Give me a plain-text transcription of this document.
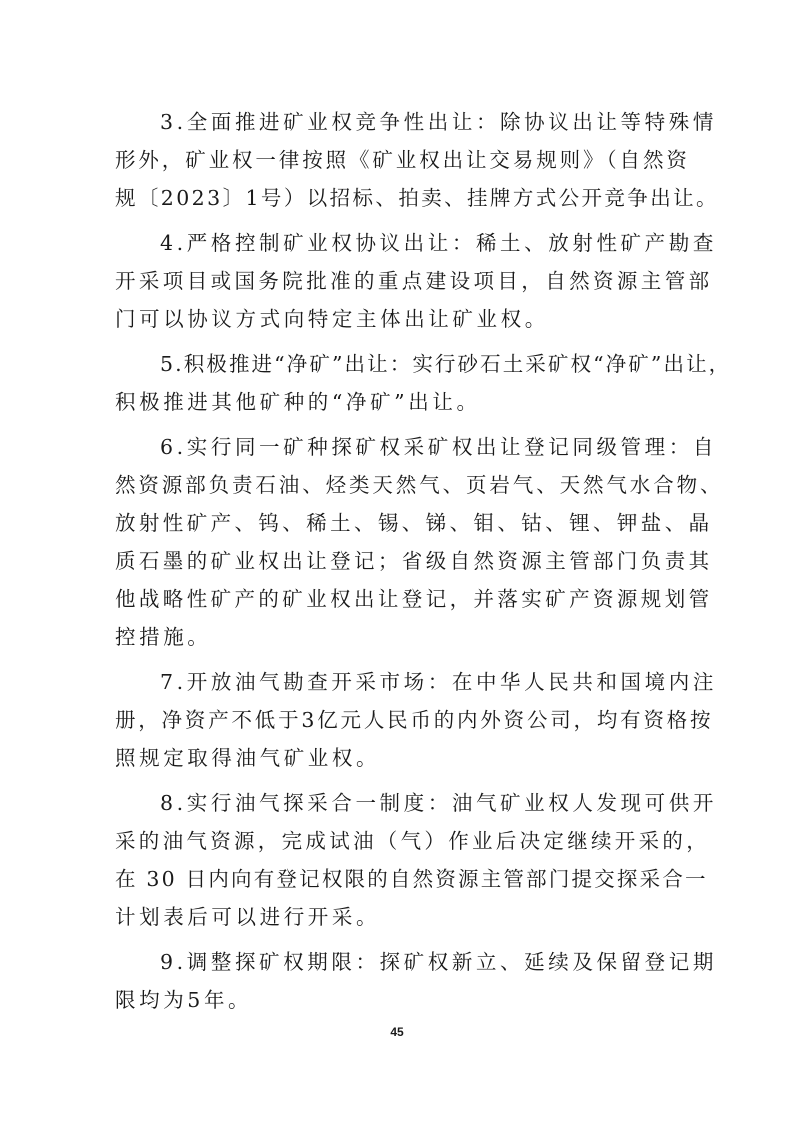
3.全面推进矿业权竞争性出让：除协议出让等特殊情
形外，矿业权一律按照《矿业权出让交易规则》（自然资
规〔2023〕1号）以招标、拍卖、挂牌方式公开竞争出让。
4.严格控制矿业权协议出让：稀土、放射性矿产勘查
开采项目或国务院批准的重点建设项目，自然资源主管部
门可以协议方式向特定主体出让矿业权。
5.积极推进“净矿”出让：实行砂石土采矿权“净矿”出让，
积极推进其他矿种的“净矿”出让。
6.实行同一矿种探矿权采矿权出让登记同级管理：自
然资源部负责石油、烃类天然气、页岩气、天然气水合物、
放射性矿产、钨、稀土、锡、锑、钼、钴、锂、钾盐、晶
质石墨的矿业权出让登记；省级自然资源主管部门负责其
他战略性矿产的矿业权出让登记，并落实矿产资源规划管
控措施。
7.开放油气勘查开采市场：在中华人民共和国境内注
册，净资产不低于3亿元人民币的内外资公司，均有资格按
照规定取得油气矿业权。
8.实行油气探采合一制度：油气矿业权人发现可供开
采的油气资源，完成试油（气）作业后决定继续开采的，
在 30 日内向有登记权限的自然资源主管部门提交探采合一
计划表后可以进行开采。
9.调整探矿权期限：探矿权新立、延续及保留登记期
限均为5年。
45
